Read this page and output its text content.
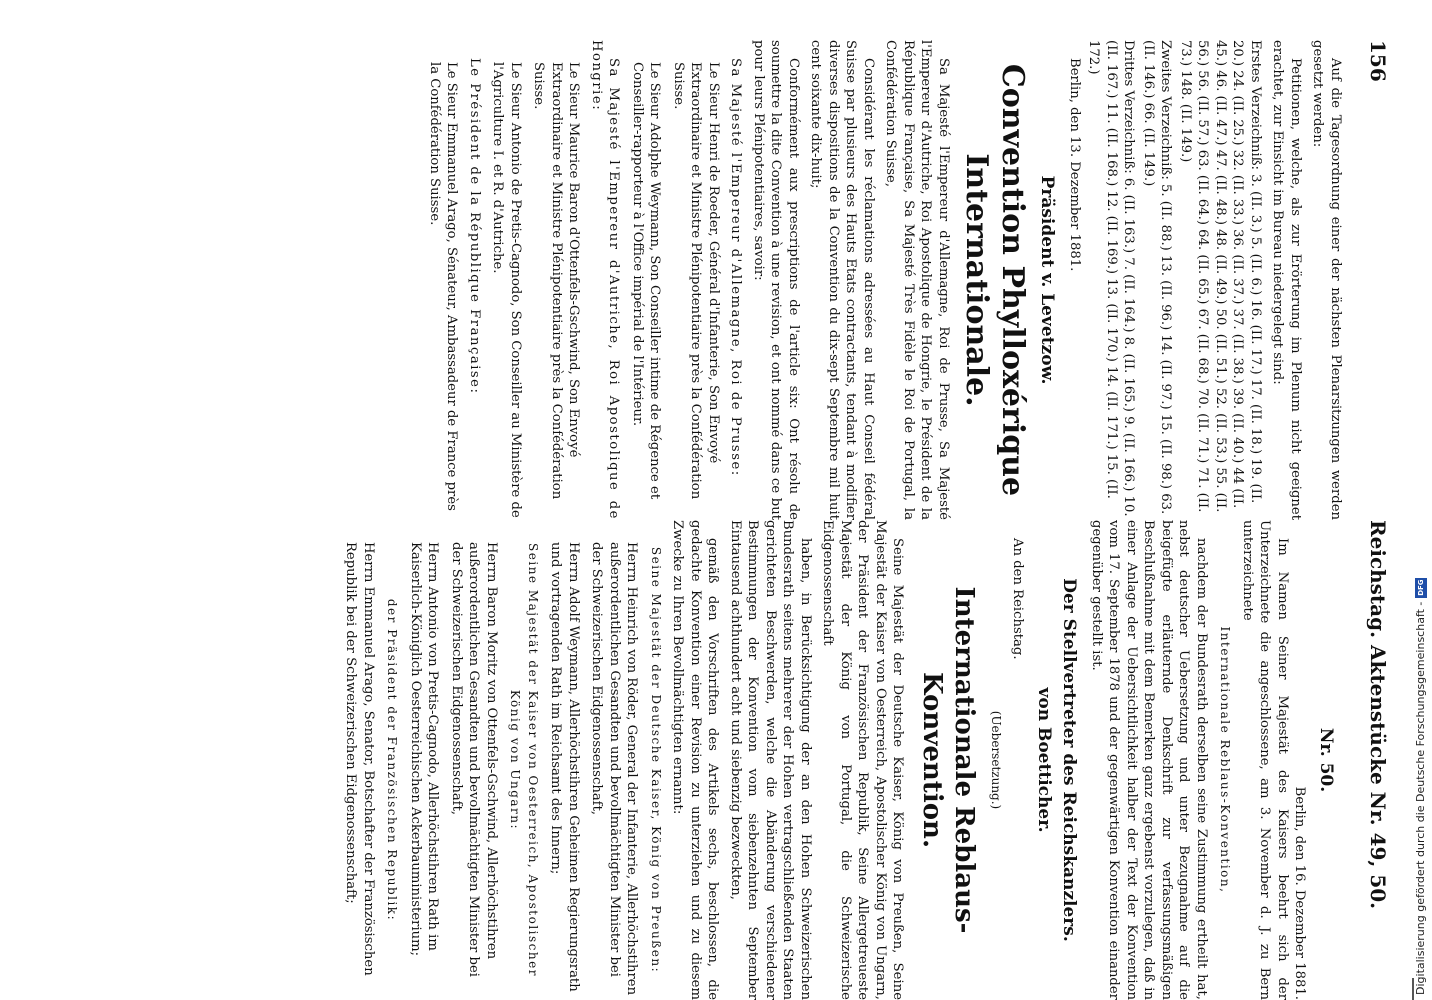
156
Reichstag. Aktenstücke Nr. 49, 50.
Auf die Tagesordnung einer der nächsten Plenarsitzungen werden gesetzt werden:
Petitionen, welche, als zur Erörterung im Plenum nicht geeignet erachtet, zur Einsicht im Bureau niedergelegt sind:
Erstes Verzeichniß: 3. (II. 3.) 5. (II. 6.) 16. (II. 17.) 17. (II. 18.) 19. (II. 20.) 24. (II. 25.) 32. (II. 33.) 36. (II. 37.) 37. (II. 38.) 39. (II. 40.) 44 (II. 45.) 46. (II. 47.) 47. (II. 48.) 48. (II. 49.) 50. (II. 51.) 52. (II. 53.) 55. (II. 56.) 56. (II. 57.) 63. (II. 64.) 64. (II. 65.) 67. (II. 68.) 70. (II. 71.) 71. (II. 73.) 148. (II. 149.)
Zweites Verzeichniß: 5. (II. 88.) 13. (II. 96.) 14. (II. 97.) 15. (II. 98.) 63. (II. 146.) 66. (II. 149.)
Drittes Verzeichniß: 6. (II. 163.) 7. (II. 164.) 8. (II. 165.) 9. (II. 166.) 10. (II. 167.) 11. (II. 168.) 12. (II. 169.) 13. (II. 170.) 14. (II. 171.) 15. (II. 172.)
Berlin, den 13. Dezember 1881.
Präsident v. Levetzow.
Convention Phylloxérique Internationale.
Sa Majesté l'Empereur d'Allemagne, Roi de Prusse, Sa Majesté l'Empereur d'Autriche, Roi Apostolique de Hongrie, le Président de la République Française, Sa Majesté Très Fidèle le Roi de Portugal, la Confédération Suisse,
Considérant les réclamations adressées au Haut Conseil fédéral Suisse par plusieurs des Hauts Etats contractants, tendant à modifier diverses dispositions de la Convention du dix-sept Septembre mil huit cent soixante dix-huit;
Conformément aux prescriptions de l'article six: Ont résolu de soumettre la dite Convention à une revision, et ont nommé dans ce but pour leurs Plénipotentiaires, savoir:
Sa Majesté l'Empereur d'Allemagne, Roi de Prusse:
Le Sieur Henri de Roeder, Général d'Infanterie, Son Envoyé Extraordinaire et Ministre Plénipotentiaire près la Confédération Suisse.
Le Sieur Adolphe Weymann, Son Conseiller intime de Régence et Conseiller-rapporteur à l'Office impérial de l'Intérieur.
Sa Majesté l'Empereur d'Autriche, Roi Apostolique de Hongrie:
Le Sieur Maurice Baron d'Ottenfels-Gschwind, Son Envoyé Extraordinaire et Ministre Plénipotentiaire près la Confédération Suisse.
Le Sieur Antonio de Pretis-Cagnodo, Son Conseiller au Ministère de l'Agriculture I. et R. d'Autriche.
Le Président de la République Française:
Le Sieur Emmanuel Arago, Sénateur, Ambassadeur de France près la Confédération Suisse.
Nr. 50.
Berlin, den 16. Dezember 1881.
Im Namen Seiner Majestät des Kaisers beehrt sich der Unterzeichnete die angeschlossene, am 3. November d. J. zu Bern unterzeichnete
Internationale Reblaus-Konvention,
nachdem der Bundesrath derselben seine Zustimmung ertheilt hat, nebst deutscher Uebersetzung und unter Bezugnahme auf die beigefügte erläuternde Denkschrift zur verfassungsmäßigen Beschlußnahme mit dem Bemerken ganz ergebenst vorzulegen, daß in einer Anlage der Uebersichtlichkeit halber der Text der Konvention vom 17. September 1878 und der gegenwärtigen Konvention einander gegenüber gestellt ist.
Der Stellvertreter des Reichskanzlers.
von Boetticher.
An den Reichstag.
(Uebersetzung.)
Internationale Reblaus-Konvention.
Seine Majestät der Deutsche Kaiser, König von Preußen, Seine Majestät der Kaiser von Oesterreich, Apostolischer König von Ungarn, der Präsident der Französischen Republik, Seine Allergetreueste Majestät der König von Portugal, die Schweizerische Eidgenossenschaft
haben, in Berücksichtigung der an den Hohen Schweizerischen Bundesrath seitens mehrerer der Hohen vertragschließenden Staaten gerichteten Beschwerden, welche die Abänderung verschiedener Bestimmungen der Konvention vom siebenzehnten September Eintausend achthundert acht und siebenzig bezweckten,
gemäß den Vorschriften des Artikels sechs, beschlossen, die gedachte Konvention einer Revision zu unterziehen und zu diesem Zwecke zu Ihren Bevollmächtigten ernannt:
Seine Majestät der Deutsche Kaiser, König von Preußen:
Herrn Heinrich von Röder, General der Infanterie, Allerhöchstihren außerordentlichen Gesandten und bevollmächtigten Minister bei der Schweizerischen Eidgenossenschaft,
Herrn Adolf Weymann, Allerhöchstihren Geheimen Regierungsrath und vortragenden Rath im Reichsamt des Innern;
Seine Majestät der Kaiser von Oesterreich, Apostolischer König von Ungarn:
Herrn Baron Moritz von Ottenfels-Gschwind, Allerhöchstihren außerordentlichen Gesandten und bevollmächtigten Minister bei der Schweizerischen Eidgenossenschaft,
Herrn Antonio von Pretis-Cagnodo, Allerhöchstihren Rath im Kaiserlich-Königlich Oesterreichischen Ackerbauministerium;
der Präsident der Französischen Republik:
Herrn Emmanuel Arago, Senator, Botschafter der Französischen Republik bei der Schweizerischen Eidgenossenschaft;	Digitalisierung gefördert durch die Deutsche Forschungsgemeinschaft -
DFG
